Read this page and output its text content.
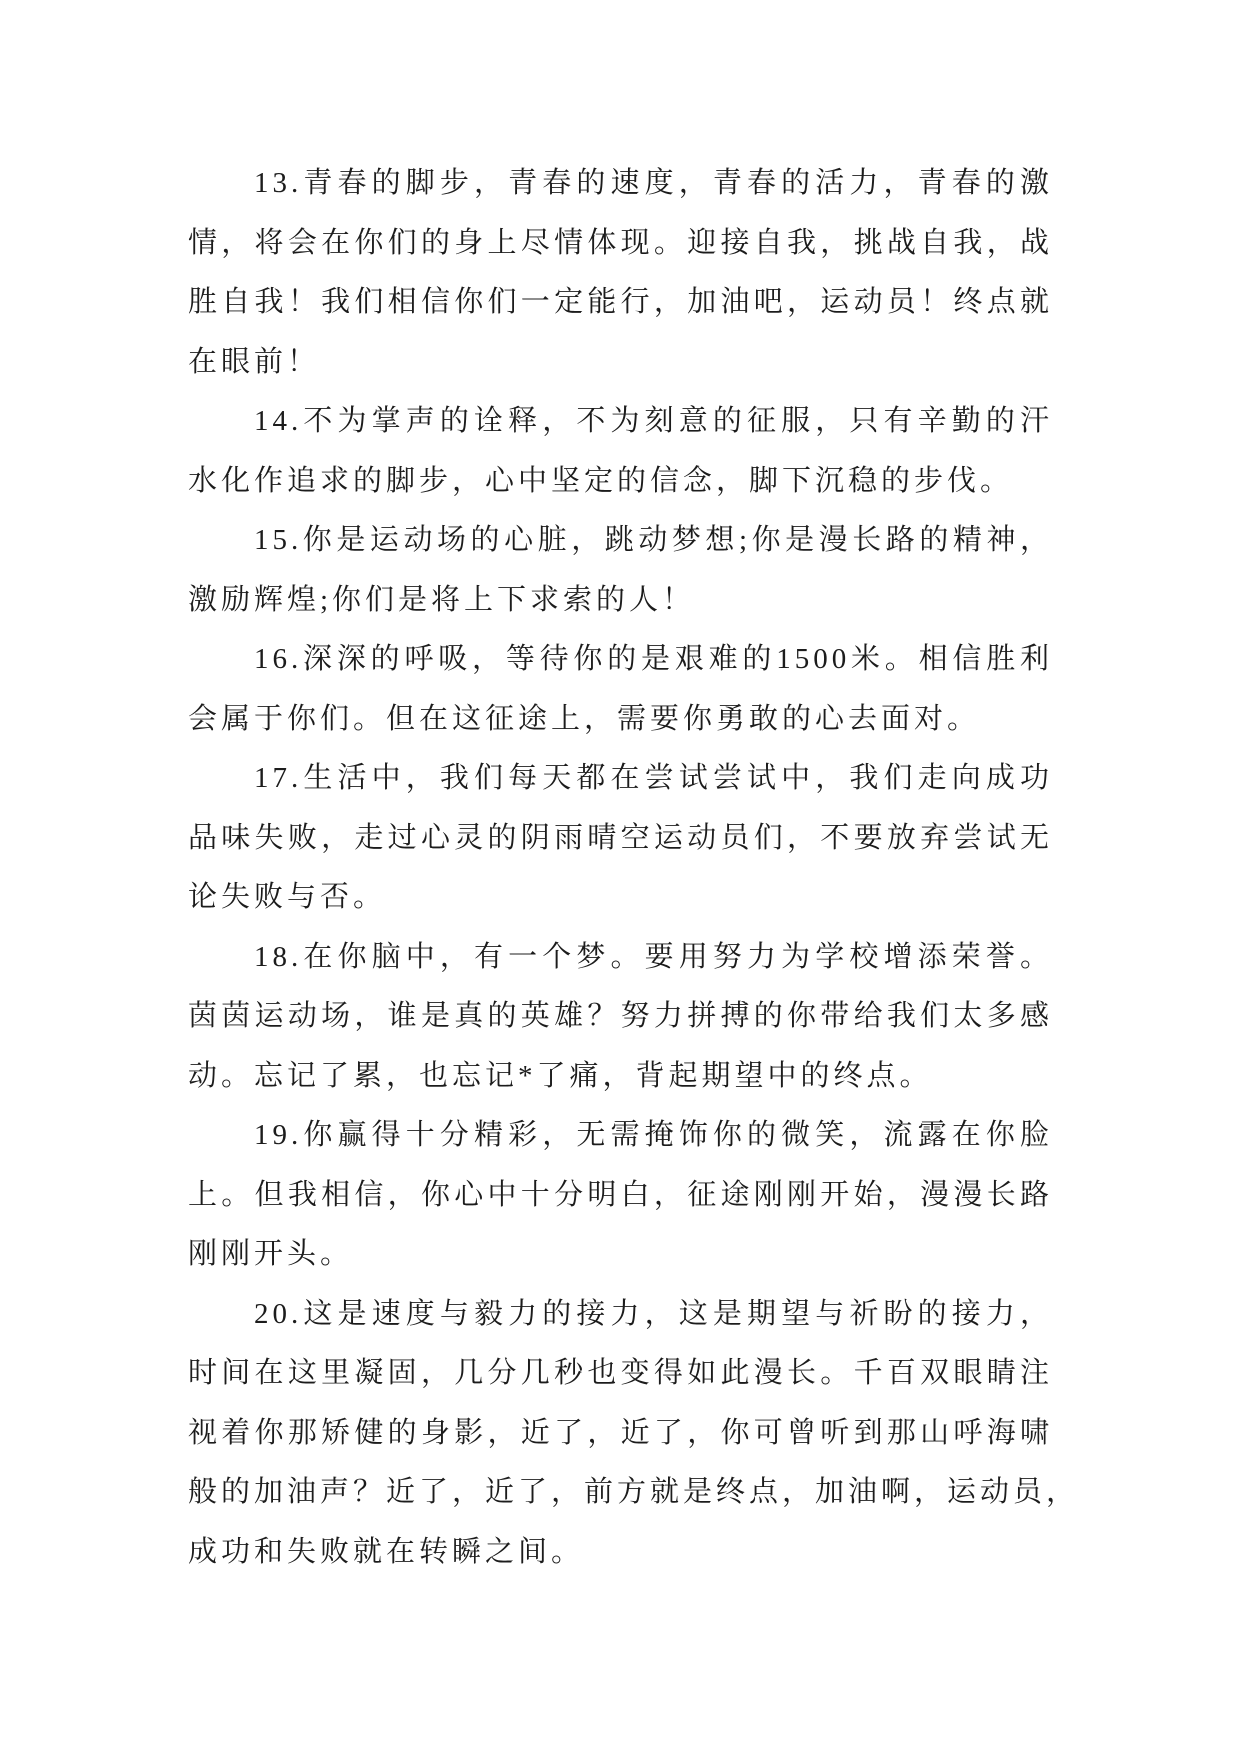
13.青春的脚步，青春的速度，青春的活力，青春的激
情，将会在你们的身上尽情体现。迎接自我，挑战自我，战
胜自我！我们相信你们一定能行，加油吧，运动员！终点就
在眼前！
14.不为掌声的诠释，不为刻意的征服，只有辛勤的汗
水化作追求的脚步，心中坚定的信念，脚下沉稳的步伐。
15.你是运动场的心脏，跳动梦想;你是漫长路的精神，
激励辉煌;你们是将上下求索的人！
16.深深的呼吸，等待你的是艰难的1500米。相信胜利
会属于你们。但在这征途上，需要你勇敢的心去面对。
17.生活中，我们每天都在尝试尝试中，我们走向成功
品味失败，走过心灵的阴雨晴空运动员们，不要放弃尝试无
论失败与否。
18.在你脑中，有一个梦。要用努力为学校增添荣誉。
茵茵运动场，谁是真的英雄？努力拼搏的你带给我们太多感
动。忘记了累，也忘记*了痛，背起期望中的终点。
19.你赢得十分精彩，无需掩饰你的微笑，流露在你脸
上。但我相信，你心中十分明白，征途刚刚开始，漫漫长路
刚刚开头。
20.这是速度与毅力的接力，这是期望与祈盼的接力，
时间在这里凝固，几分几秒也变得如此漫长。千百双眼睛注
视着你那矫健的身影，近了，近了，你可曾听到那山呼海啸
般的加油声？近了，近了，前方就是终点，加油啊，运动员，
成功和失败就在转瞬之间。
